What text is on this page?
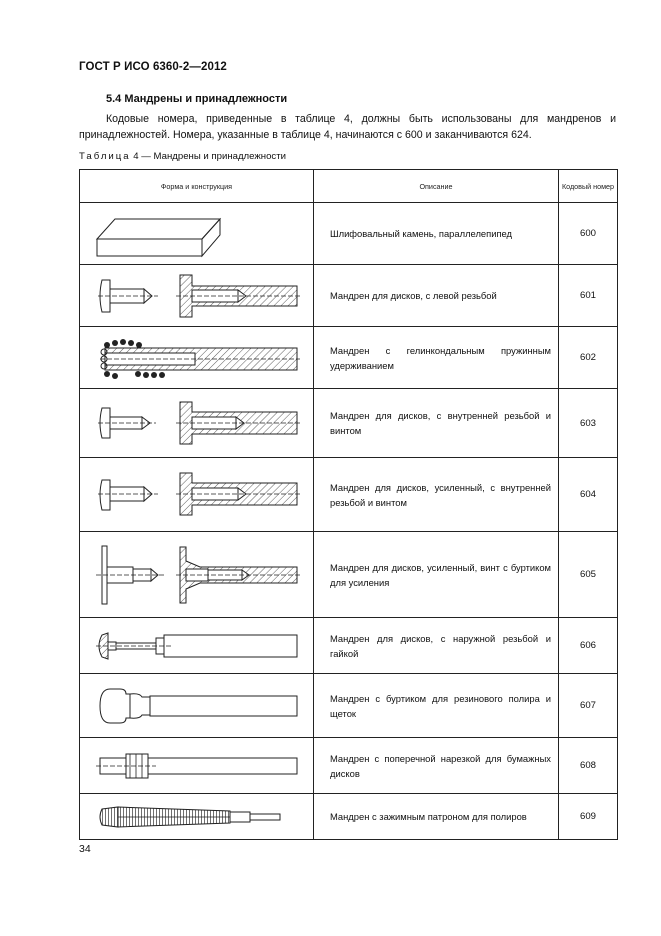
ГОСТ Р ИСО 6360-2—2012
5.4 Мандрены и принадлежности
Кодовые номера, приведенные в таблице 4, должны быть использованы для мандренов и принадлежностей. Номера, указанные в таблице 4, начинаются с 600 и заканчиваются 624.
Таблица 4 — Мандрены и принадлежности
Форма и конструкция	Описание	Кодовый номер

	Шлифовальный камень, параллелепипед	600

	Мандрен для дисков, с левой резьбой	601

	Мандрен с гелинкондальным пружинным удерживанием	602

	Мандрен для дисков, с внутренней резьбой и винтом	603

	Мандрен для дисков, усиленный, с внутренней резьбой и винтом	604

	Мандрен для дисков, усиленный, винт с буртиком для усиления	605

	Мандрен для дисков, с наружной резьбой и гайкой	606

	Мандрен с буртиком для резинового полира и щеток	607

	Мандрен с поперечной нарезкой для бумажных дисков	608

	Мандрен с зажимным патроном для полиров	609
34
